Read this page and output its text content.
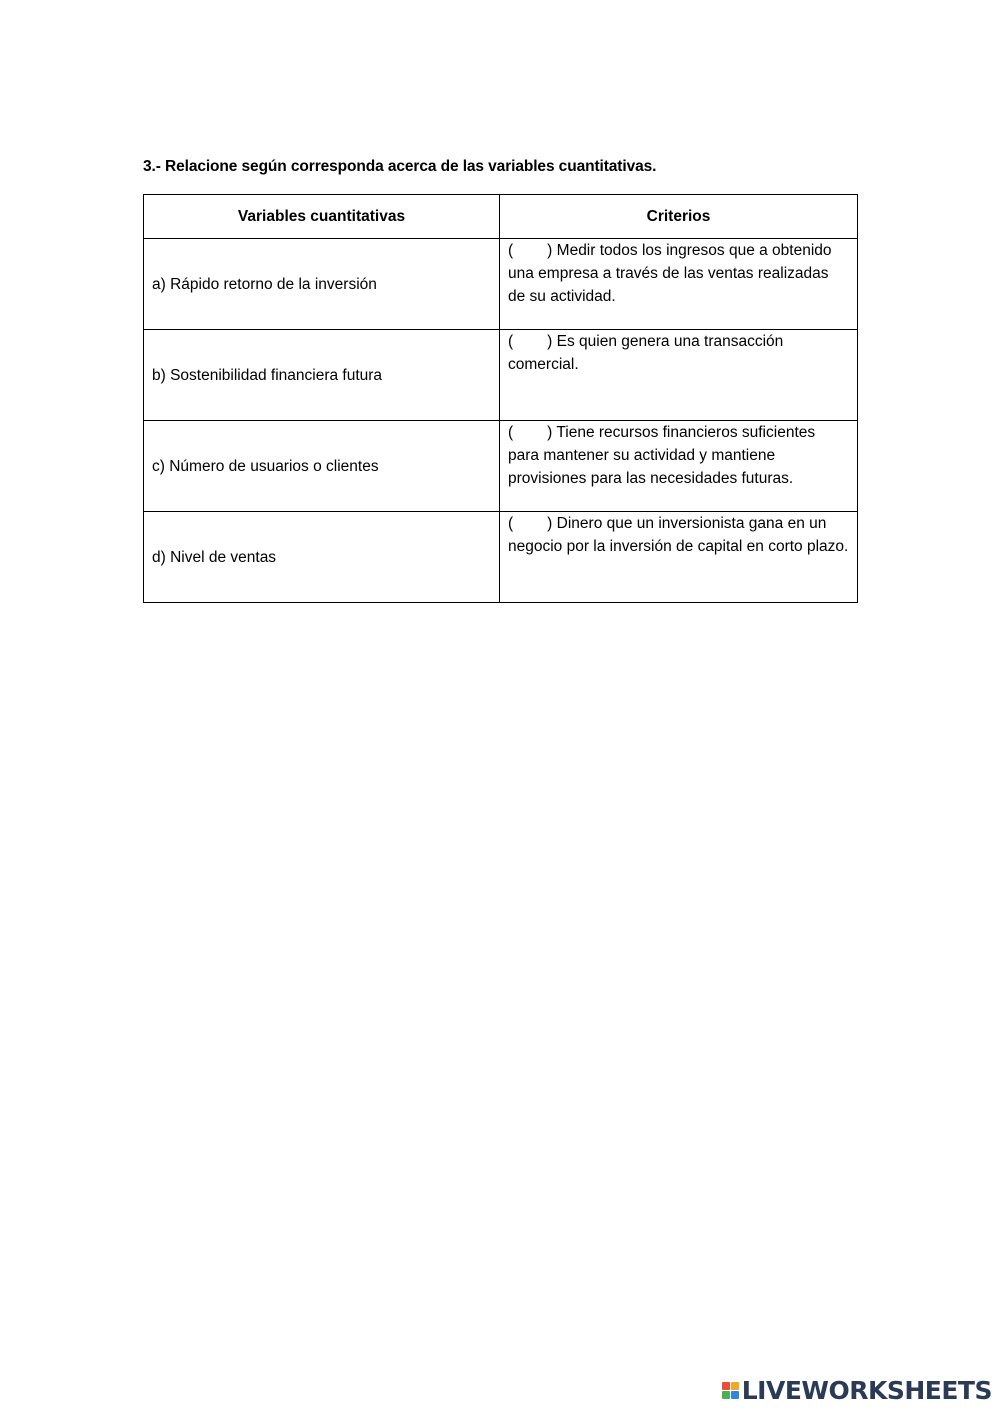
3.- Relacione según corresponda acerca de las variables cuantitativas.
Variables cuantitativas	Criterios
a) Rápido retorno de la inversión	( ) Medir todos los ingresos que a obtenido una empresa a través de las ventas realizadas de su actividad.
b) Sostenibilidad financiera futura	( ) Es quien genera una transacción comercial.
c) Número de usuarios o clientes	( ) Tiene recursos financieros suficientes para mantener su actividad y mantiene provisiones para las necesidades futuras.
d) Nivel de ventas	( ) Dinero que un inversionista gana en un negocio por la inversión de capital en corto plazo.
LIVEWORKSHEETS
